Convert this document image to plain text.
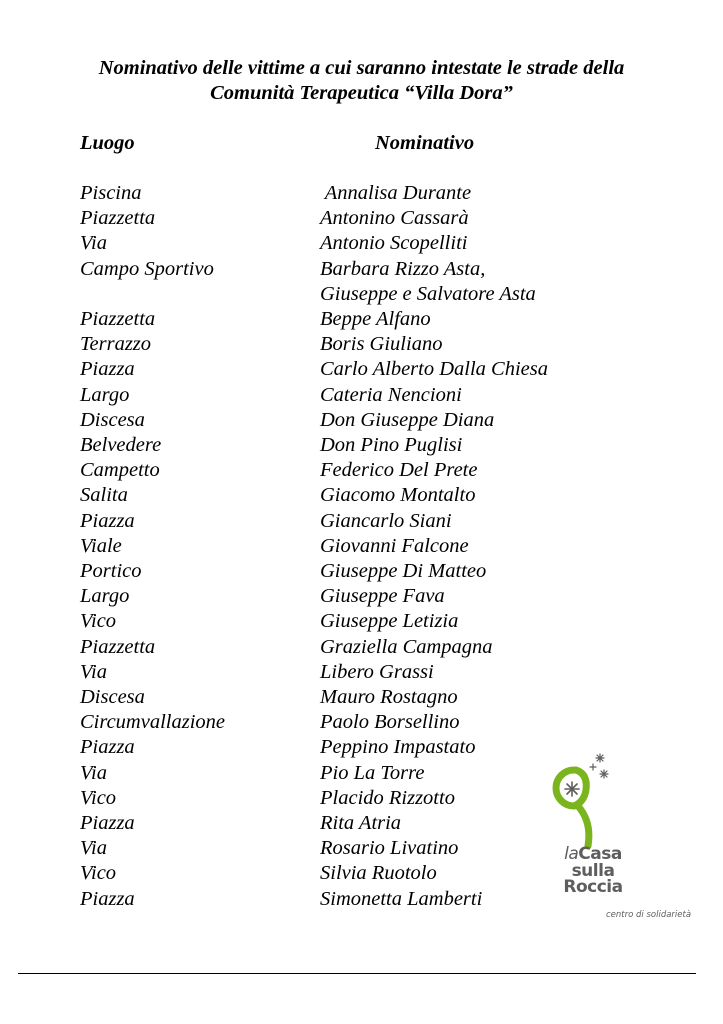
Nominativo delle vittime a cui saranno intestate le strade della
Comunità Terapeutica “Villa Dora”
Luogo	Nominativo
Piscina	Annalisa Durante
Piazzetta	Antonino Cassarà
Via	Antonio Scopelliti
Campo Sportivo	Barbara Rizzo Asta,
Giuseppe e Salvatore Asta
Piazzetta	Beppe Alfano
Terrazzo	Boris Giuliano
Piazza	Carlo Alberto Dalla Chiesa
Largo	Cateria Nencioni
Discesa	Don Giuseppe Diana
Belvedere	Don Pino Puglisi
Campetto	Federico Del Prete
Salita	Giacomo Montalto
Piazza	Giancarlo Siani
Viale	Giovanni Falcone
Portico	Giuseppe Di Matteo
Largo	Giuseppe Fava
Vico	Giuseppe Letizia
Piazzetta	Graziella Campagna
Via	Libero Grassi
Discesa	Mauro Rostagno
Circumvallazione	Paolo Borsellino
Piazza	Peppino Impastato
Via	Pio La Torre
Vico	Placido Rizzotto
Piazza	Rita Atria
Via	Rosario Livatino
Vico	Silvia Ruotolo
Piazza	Simonetta Lamberti
laCasa
sulla
Roccia
centro di solidarietà
